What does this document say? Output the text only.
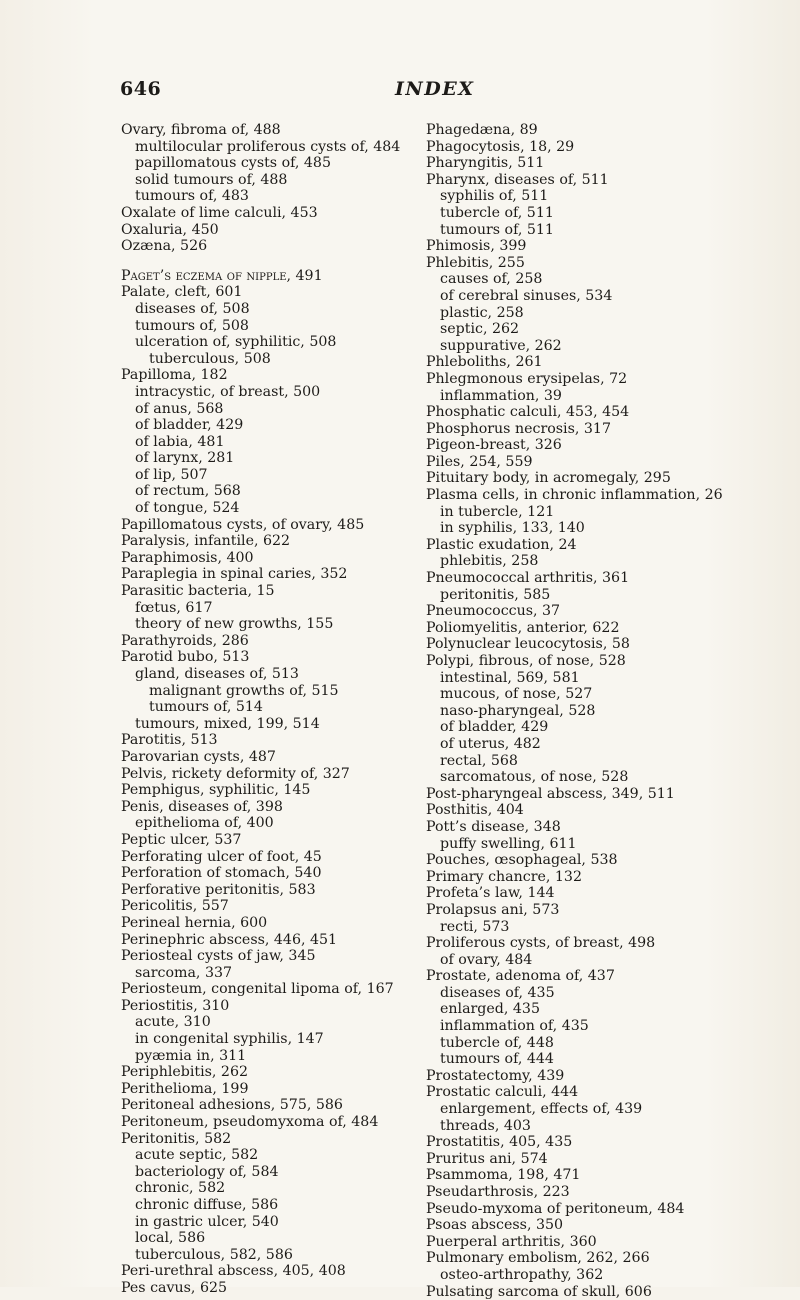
646	INDEX
Ovary, fibroma of, 488
multilocular proliferous cysts of, 484
papillomatous cysts of, 485
solid tumours of, 488
tumours of, 483
Oxalate of lime calculi, 453
Oxaluria, 450
Ozæna, 526
Paget’s eczema of nipple, 491
Palate, cleft, 601
diseases of, 508
tumours of, 508
ulceration of, syphilitic, 508
tuberculous, 508
Papilloma, 182
intracystic, of breast, 500
of anus, 568
of bladder, 429
of labia, 481
of larynx, 281
of lip, 507
of rectum, 568
of tongue, 524
Papillomatous cysts, of ovary, 485
Paralysis, infantile, 622
Paraphimosis, 400
Paraplegia in spinal caries, 352
Parasitic bacteria, 15
fœtus, 617
theory of new growths, 155
Parathyroids, 286
Parotid bubo, 513
gland, diseases of, 513
malignant growths of, 515
tumours of, 514
tumours, mixed, 199, 514
Parotitis, 513
Parovarian cysts, 487
Pelvis, rickety deformity of, 327
Pemphigus, syphilitic, 145
Penis, diseases of, 398
epithelioma of, 400
Peptic ulcer, 537
Perforating ulcer of foot, 45
Perforation of stomach, 540
Perforative peritonitis, 583
Pericolitis, 557
Perineal hernia, 600
Perinephric abscess, 446, 451
Periosteal cysts of jaw, 345
sarcoma, 337
Periosteum, congenital lipoma of, 167
Periostitis, 310
acute, 310
in congenital syphilis, 147
pyæmia in, 311
Periphlebitis, 262
Perithelioma, 199
Peritoneal adhesions, 575, 586
Peritoneum, pseudomyxoma of, 484
Peritonitis, 582
acute septic, 582
bacteriology of, 584
chronic, 582
chronic diffuse, 586
in gastric ulcer, 540
local, 586
tuberculous, 582, 586
Peri-urethral abscess, 405, 408
Pes cavus, 625
Phagedæna, 89
Phagocytosis, 18, 29
Pharyngitis, 511
Pharynx, diseases of, 511
syphilis of, 511
tubercle of, 511
tumours of, 511
Phimosis, 399
Phlebitis, 255
causes of, 258
of cerebral sinuses, 534
plastic, 258
septic, 262
suppurative, 262
Phleboliths, 261
Phlegmonous erysipelas, 72
inflammation, 39
Phosphatic calculi, 453, 454
Phosphorus necrosis, 317
Pigeon-breast, 326
Piles, 254, 559
Pituitary body, in acromegaly, 295
Plasma cells, in chronic inflammation, 26
in tubercle, 121
in syphilis, 133, 140
Plastic exudation, 24
phlebitis, 258
Pneumococcal arthritis, 361
peritonitis, 585
Pneumococcus, 37
Poliomyelitis, anterior, 622
Polynuclear leucocytosis, 58
Polypi, fibrous, of nose, 528
intestinal, 569, 581
mucous, of nose, 527
naso-pharyngeal, 528
of bladder, 429
of uterus, 482
rectal, 568
sarcomatous, of nose, 528
Post-pharyngeal abscess, 349, 511
Posthitis, 404
Pott’s disease, 348
puffy swelling, 611
Pouches, œsophageal, 538
Primary chancre, 132
Profeta’s law, 144
Prolapsus ani, 573
recti, 573
Proliferous cysts, of breast, 498
of ovary, 484
Prostate, adenoma of, 437
diseases of, 435
enlarged, 435
inflammation of, 435
tubercle of, 448
tumours of, 444
Prostatectomy, 439
Prostatic calculi, 444
enlargement, effects of, 439
threads, 403
Prostatitis, 405, 435
Pruritus ani, 574
Psammoma, 198, 471
Pseudarthrosis, 223
Pseudo-myxoma of peritoneum, 484
Psoas abscess, 350
Puerperal arthritis, 360
Pulmonary embolism, 262, 266
osteo-arthropathy, 362
Pulsating sarcoma of skull, 606
